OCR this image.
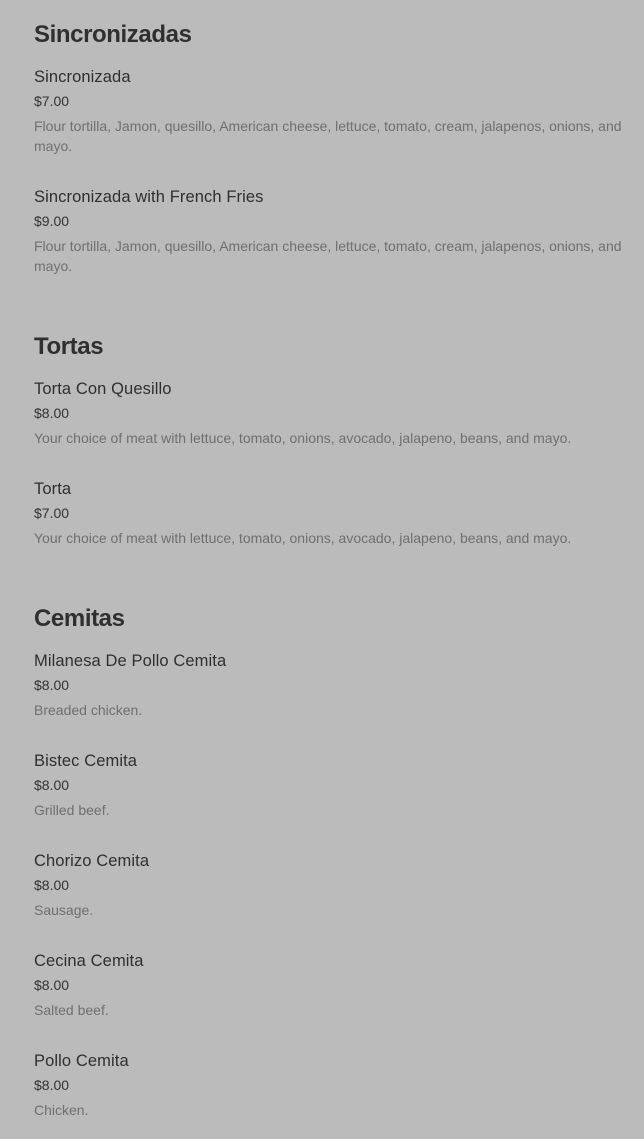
Sincronizadas
Sincronizada
$7.00
Flour tortilla, Jamon, quesillo, American cheese, lettuce, tomato, cream, jalapenos, onions, and mayo.
Sincronizada with French Fries
$9.00
Flour tortilla, Jamon, quesillo, American cheese, lettuce, tomato, cream, jalapenos, onions, and mayo.
Tortas
Torta Con Quesillo
$8.00
Your choice of meat with lettuce, tomato, onions, avocado, jalapeno, beans, and mayo.
Torta
$7.00
Your choice of meat with lettuce, tomato, onions, avocado, jalapeno, beans, and mayo.
Cemitas
Milanesa De Pollo Cemita
$8.00
Breaded chicken.
Bistec Cemita
$8.00
Grilled beef.
Chorizo Cemita
$8.00
Sausage.
Cecina Cemita
$8.00
Salted beef.
Pollo Cemita
$8.00
Chicken.
